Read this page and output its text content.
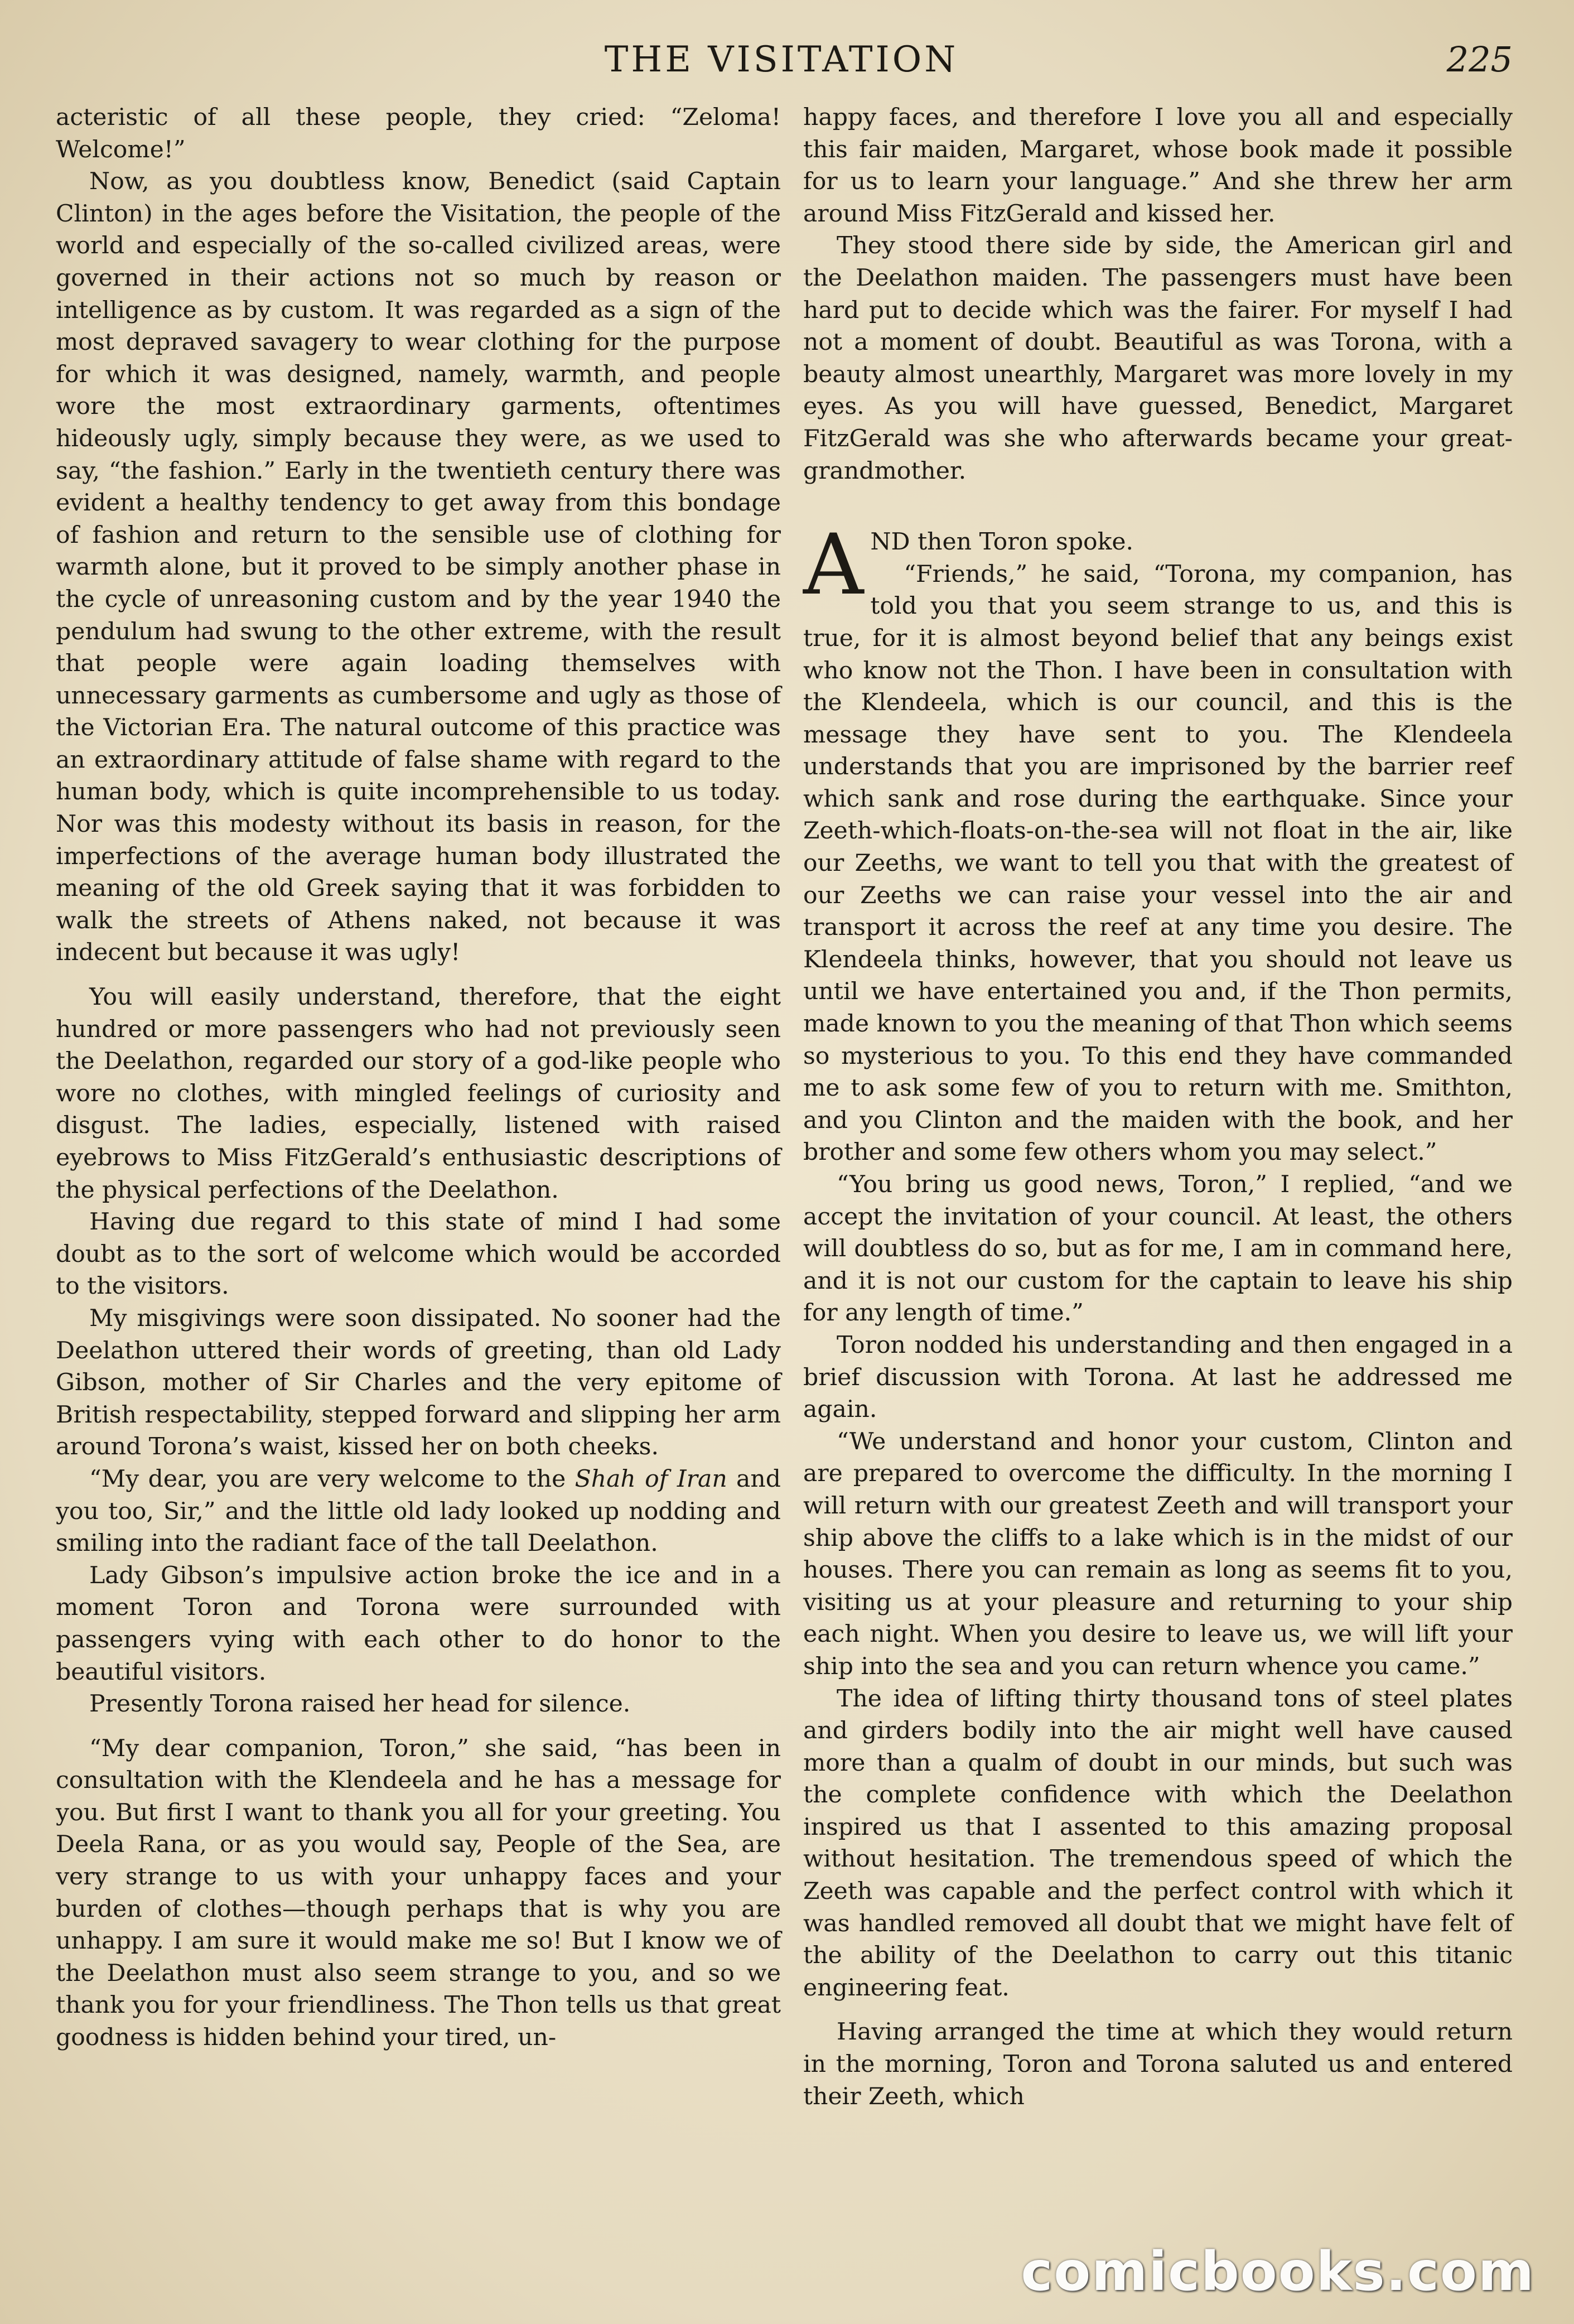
THE VISITATION	225

acteristic of all these people, they cried: “Zeloma! Welcome!”

Now, as you doubtless know, Benedict (said Captain Clinton) in the ages before the Visitation, the people of the world and especially of the so-called civilized areas, were governed in their actions not so much by reason or intelligence as by custom. It was regarded as a sign of the most depraved savagery to wear clothing for the purpose for which it was designed, namely, warmth, and people wore the most extraordinary garments, oftentimes hideously ugly, simply because they were, as we used to say, “the fashion.” Early in the twentieth century there was evident a healthy tendency to get away from this bondage of fashion and return to the sensible use of clothing for warmth alone, but it proved to be simply another phase in the cycle of unreasoning custom and by the year 1940 the pendulum had swung to the other extreme, with the result that people were again loading themselves with unnecessary garments as cumbersome and ugly as those of the Victorian Era. The natural outcome of this practice was an extraordinary attitude of false shame with regard to the human body, which is quite incomprehensible to us today. Nor was this modesty without its basis in reason, for the imperfections of the average human body illustrated the meaning of the old Greek saying that it was forbidden to walk the streets of Athens naked, not because it was indecent but because it was ugly!

You will easily understand, therefore, that the eight hundred or more passengers who had not previously seen the Deelathon, regarded our story of a god-like people who wore no clothes, with mingled feelings of curiosity and disgust. The ladies, especially, listened with raised eyebrows to Miss FitzGerald’s enthusiastic descriptions of the physical perfections of the Deelathon.

Having due regard to this state of mind I had some doubt as to the sort of welcome which would be accorded to the visitors.

My misgivings were soon dissipated. No sooner had the Deelathon uttered their words of greeting, than old Lady Gibson, mother of Sir Charles and the very epitome of British respectability, stepped forward and slipping her arm around Torona’s waist, kissed her on both cheeks.

“My dear, you are very welcome to the Shah of Iran and you too, Sir,” and the little old lady looked up nodding and smiling into the radiant face of the tall Deelathon.

Lady Gibson’s impulsive action broke the ice and in a moment Toron and Torona were surrounded with passengers vying with each other to do honor to the beautiful visitors.

Presently Torona raised her head for silence.

“My dear companion, Toron,” she said, “has been in consultation with the Klendeela and he has a message for you. But first I want to thank you all for your greeting. You Deela Rana, or as you would say, People of the Sea, are very strange to us with your unhappy faces and your burden of clothes—though perhaps that is why you are unhappy. I am sure it would make me so! But I know we of the Deelathon must also seem strange to you, and so we thank you for your friendliness. The Thon tells us that great goodness is hidden behind your tired, un-

happy faces, and therefore I love you all and especially this fair maiden, Margaret, whose book made it possible for us to learn your language.” And she threw her arm around Miss FitzGerald and kissed her.

They stood there side by side, the American girl and the Deelathon maiden. The passengers must have been hard put to decide which was the fairer. For myself I had not a moment of doubt. Beautiful as was Torona, with a beauty almost unearthly, Margaret was more lovely in my eyes. As you will have guessed, Benedict, Margaret FitzGerald was she who afterwards became your great-grandmother.

AND then Toron spoke.

“Friends,” he said, “Torona, my companion, has told you that you seem strange to us, and this is true, for it is almost beyond belief that any beings exist who know not the Thon. I have been in consultation with the Klendeela, which is our council, and this is the message they have sent to you. The Klendeela understands that you are imprisoned by the barrier reef which sank and rose during the earthquake. Since your Zeeth-which-floats-on-the-sea will not float in the air, like our Zeeths, we want to tell you that with the greatest of our Zeeths we can raise your vessel into the air and transport it across the reef at any time you desire. The Klendeela thinks, however, that you should not leave us until we have entertained you and, if the Thon permits, made known to you the meaning of that Thon which seems so mysterious to you. To this end they have commanded me to ask some few of you to return with me. Smithton, and you Clinton and the maiden with the book, and her brother and some few others whom you may select.”

“You bring us good news, Toron,” I replied, “and we accept the invitation of your council. At least, the others will doubtless do so, but as for me, I am in command here, and it is not our custom for the captain to leave his ship for any length of time.”

Toron nodded his understanding and then engaged in a brief discussion with Torona. At last he addressed me again.

“We understand and honor your custom, Clinton and are prepared to overcome the difficulty. In the morning I will return with our greatest Zeeth and will transport your ship above the cliffs to a lake which is in the midst of our houses. There you can remain as long as seems fit to you, visiting us at your pleasure and returning to your ship each night. When you desire to leave us, we will lift your ship into the sea and you can return whence you came.”

The idea of lifting thirty thousand tons of steel plates and girders bodily into the air might well have caused more than a qualm of doubt in our minds, but such was the complete confidence with which the Deelathon inspired us that I assented to this amazing proposal without hesitation. The tremendous speed of which the Zeeth was capable and the perfect control with which it was handled removed all doubt that we might have felt of the ability of the Deelathon to carry out this titanic engineering feat.

Having arranged the time at which they would return in the morning, Toron and Torona saluted us and entered their Zeeth, which

comicbooks.com
